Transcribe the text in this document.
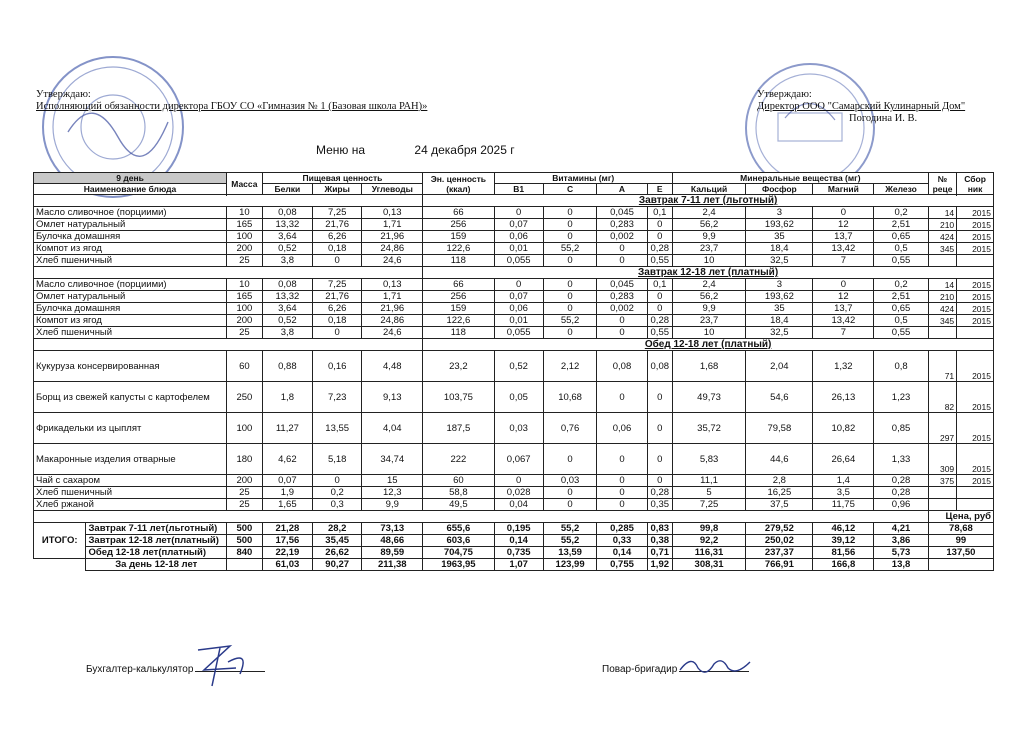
Утверждаю:
Исполняющий обязанности директора ГБОУ СО «Гимназия № 1 (Базовая школа РАН)»
Утверждаю:
Директор ООО "Самарский Кулинарный Дом"
Погодина И. В.
Меню на	24 декабря 2025 г
9 день		Масса	Пищевая ценность			Эн. ценность (ккал)	Витамины (мг)				Минеральные вещества (мг)				№ реце	Сбор ник
Наименование блюда			Белки	Жиры	Углеводы		В1	С	А	Е	Кальций	Фосфор	Магний	Железо		

						Завтрак 7-11 лет (льготный)										
Масло сливочное (порциими)		10	0,08	7,25	0,13	66	0	0	0,045	0,1	2,4	3	0	0,2	14	2015
Омлет натуральный		165	13,32	21,76	1,71	256	0,07	0	0,283	0	56,2	193,62	12	2,51	210	2015
Булочка домашняя		100	3,64	6,26	21,96	159	0,06	0	0,002	0	9,9	35	13,7	0,65	424	2015
Компот из ягод		200	0,52	0,18	24,86	122,6	0,01	55,2	0	0,28	23,7	18,4	13,42	0,5	345	2015
Хлеб пшеничный		25	3,8	0	24,6	118	0,055	0	0	0,55	10	32,5	7	0,55		
						Завтрак 12-18 лет (платный)										
Масло сливочное (порциими)		10	0,08	7,25	0,13	66	0	0	0,045	0,1	2,4	3	0	0,2	14	2015
Омлет натуральный		165	13,32	21,76	1,71	256	0,07	0	0,283	0	56,2	193,62	12	2,51	210	2015
Булочка домашняя		100	3,64	6,26	21,96	159	0,06	0	0,002	0	9,9	35	13,7	0,65	424	2015
Компот из ягод		200	0,52	0,18	24,86	122,6	0,01	55,2	0	0,28	23,7	18,4	13,42	0,5	345	2015
Хлеб пшеничный		25	3,8	0	24,6	118	0,055	0	0	0,55	10	32,5	7	0,55		
						Обед 12-18 лет (платный)										
Кукуруза консервированная		60	0,88	0,16	4,48	23,2	0,52	2,12	0,08	0,08	1,68	2,04	1,32	0,8	71	2015
Борщ из свежей капусты с картофелем		250	1,8	7,23	9,13	103,75	0,05	10,68	0	0	49,73	54,6	26,13	1,23	82	2015
Фрикадельки из цыплят		100	11,27	13,55	4,04	187,5	0,03	0,76	0,06	0	35,72	79,58	10,82	0,85	297	2015
Макаронные изделия отварные		180	4,62	5,18	34,74	222	0,067	0	0	0	5,83	44,6	26,64	1,33	309	2015
Чай с сахаром		200	0,07	0	15	60	0	0,03	0	0	11,1	2,8	1,4	0,28	375	2015
Хлеб пшеничный		25	1,9	0,2	12,3	58,8	0,028	0	0	0,28	5	16,25	3,5	0,28		
Хлеб ржаной		25	1,65	0,3	9,9	49,5	0,04	0	0	0,35	7,25	37,5	11,75	0,96		
															Цена, руб	
ИТОГО:	Завтрак 7-11 лет(льготный)	500	21,28	28,2	73,13	655,6	0,195	55,2	0,285	0,83	99,8	279,52	46,12	4,21	78,68	
	Завтрак 12-18 лет(платный)	500	17,56	35,45	48,66	603,6	0,14	55,2	0,33	0,38	92,2	250,02	39,12	3,86	99	
	Обед 12-18 лет(платный)	840	22,19	26,62	89,59	704,75	0,735	13,59	0,14	0,71	116,31	237,37	81,56	5,73	137,50	
	За день 12-18 лет		61,03	90,27	211,38	1963,95	1,07	123,99	0,755	1,92	308,31	766,91	166,8	13,8		
Бухгалтер-калькулятор	Повар-бригадир
